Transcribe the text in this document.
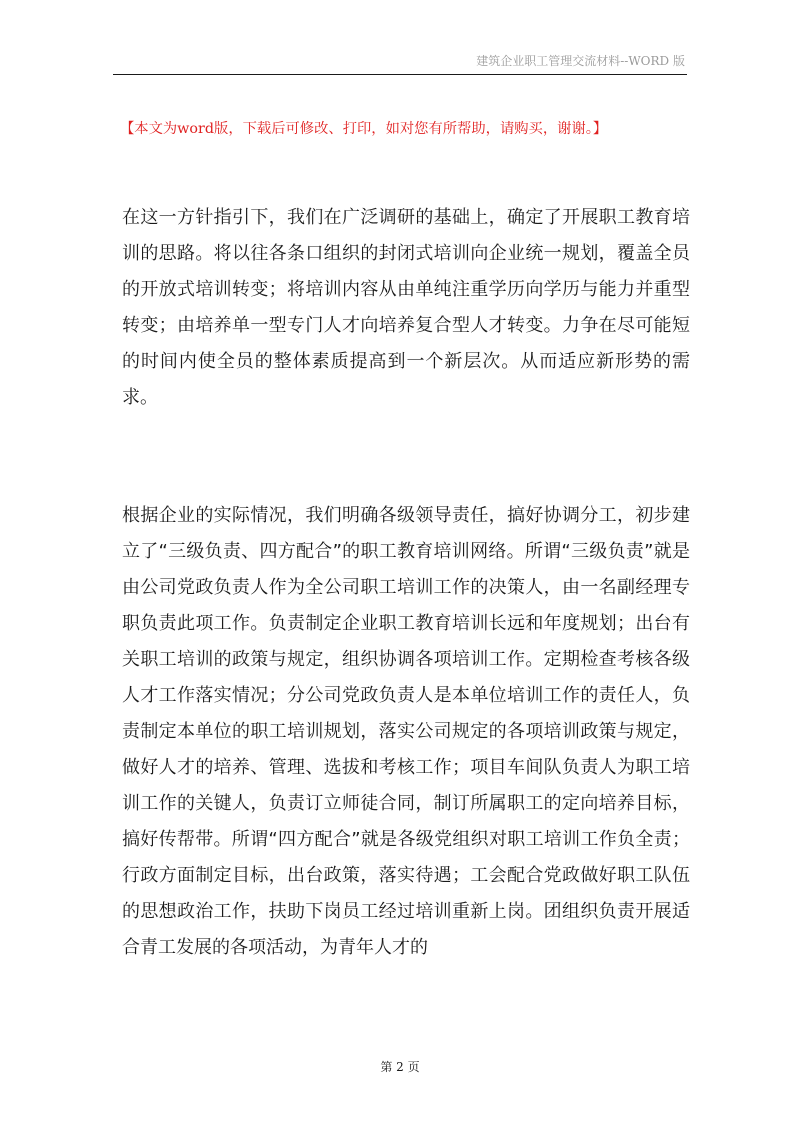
建筑企业职工管理交流材料--WORD 版
【本文为word版，下载后可修改、打印，如对您有所帮助，请购买，谢谢。】

在这一方针指引下，我们在广泛调研的基础上，确定了开展职工教育培训的思路。将以往各条口组织的封闭式培训向企业统一规划，覆盖全员的开放式培训转变；将培训内容从由单纯注重学历向学历与能力并重型转变；由培养单一型专门人才向培养复合型人才转变。力争在尽可能短的时间内使全员的整体素质提高到一个新层次。从而适应新形势的需求。

根据企业的实际情况，我们明确各级领导责任，搞好协调分工，初步建立了“三级负责、四方配合”的职工教育培训网络。所谓“三级负责”就是由公司党政负责人作为全公司职工培训工作的决策人，由一名副经理专职负责此项工作。负责制定企业职工教育培训长远和年度规划；出台有关职工培训的政策与规定，组织协调各项培训工作。定期检查考核各级人才工作落实情况；分公司党政负责人是本单位培训工作的责任人，负责制定本单位的职工培训规划，落实公司规定的各项培训政策与规定，做好人才的培养、管理、选拔和考核工作；项目车间队负责人为职工培训工作的关键人，负责订立师徒合同，制订所属职工的定向培养目标，搞好传帮带。所谓“四方配合”就是各级党组织对职工培训工作负全责；行政方面制定目标，出台政策，落实待遇；工会配合党政做好职工队伍的思想政治工作，扶助下岗员工经过培训重新上岗。团组织负责开展适合青工发展的各项活动，为青年人才的

第 2 页
